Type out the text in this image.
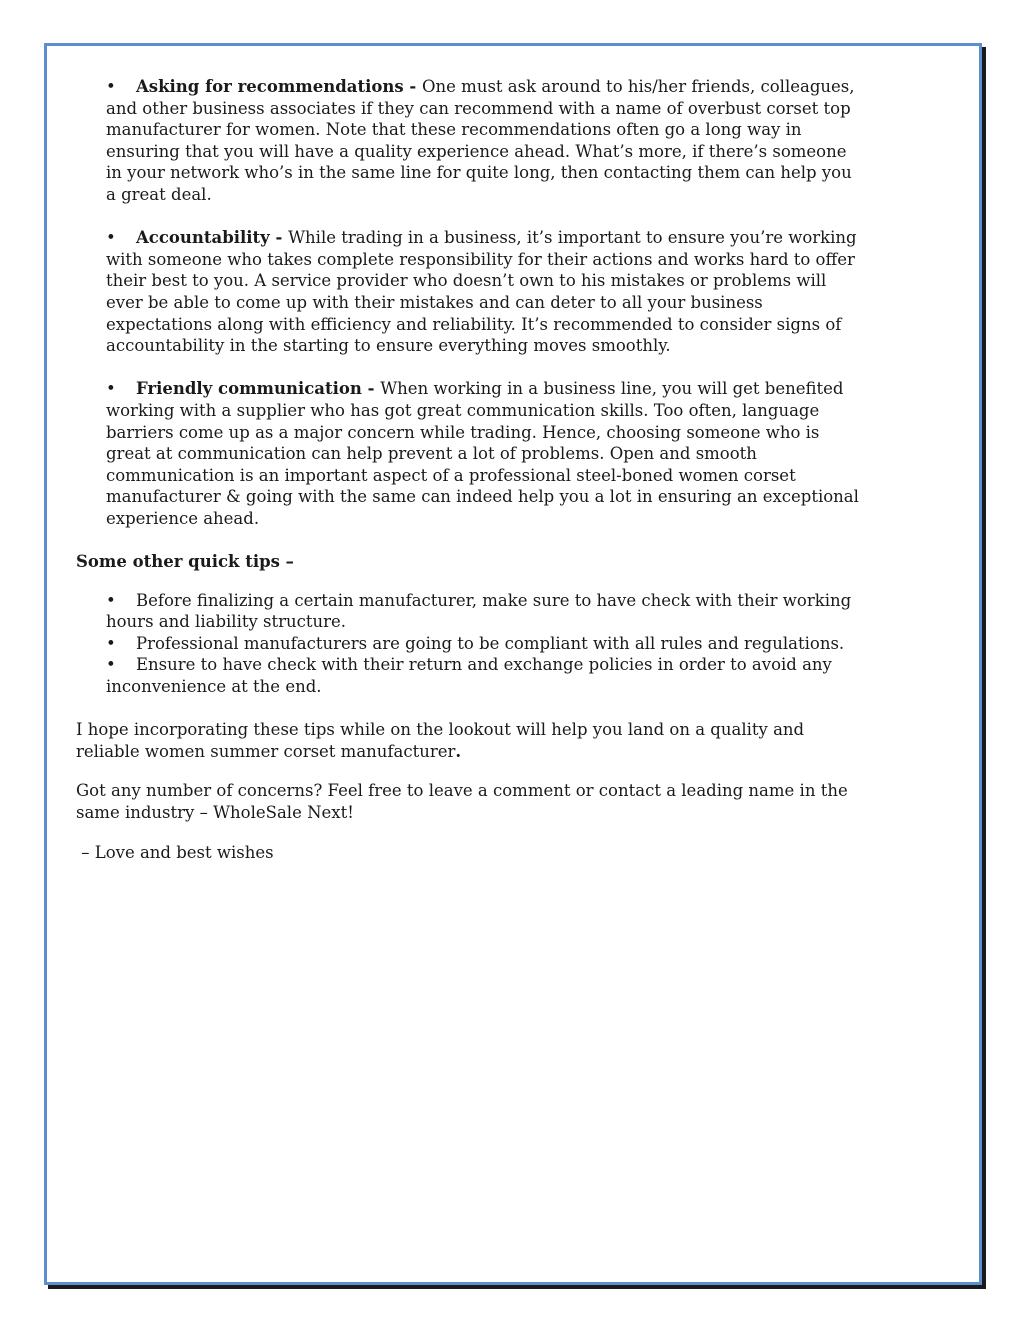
• Asking for recommendations - One must ask around to his/her friends, colleagues, and other business associates if they can recommend with a name of overbust corset top manufacturer for women. Note that these recommendations often go a long way in ensuring that you will have a quality experience ahead. What’s more, if there’s someone in your network who’s in the same line for quite long, then contacting them can help you a great deal.
• Accountability - While trading in a business, it’s important to ensure you’re working with someone who takes complete responsibility for their actions and works hard to offer their best to you. A service provider who doesn’t own to his mistakes or problems will ever be able to come up with their mistakes and can deter to all your business expectations along with efficiency and reliability. It’s recommended to consider signs of accountability in the starting to ensure everything moves smoothly.
• Friendly communication - When working in a business line, you will get benefited working with a supplier who has got great communication skills. Too often, language barriers come up as a major concern while trading. Hence, choosing someone who is great at communication can help prevent a lot of problems. Open and smooth communication is an important aspect of a professional steel-boned women corset manufacturer & going with the same can indeed help you a lot in ensuring an exceptional experience ahead.

Some other quick tips –

• Before finalizing a certain manufacturer, make sure to have check with their working hours and liability structure.
• Professional manufacturers are going to be compliant with all rules and regulations.
• Ensure to have check with their return and exchange policies in order to avoid any inconvenience at the end.
I hope incorporating these tips while on the lookout will help you land on a quality and
reliable women summer corset manufacturer.

Got any number of concerns? Feel free to leave a comment or contact a leading name in the same industry – WholeSale Next!

– Love and best wishes
